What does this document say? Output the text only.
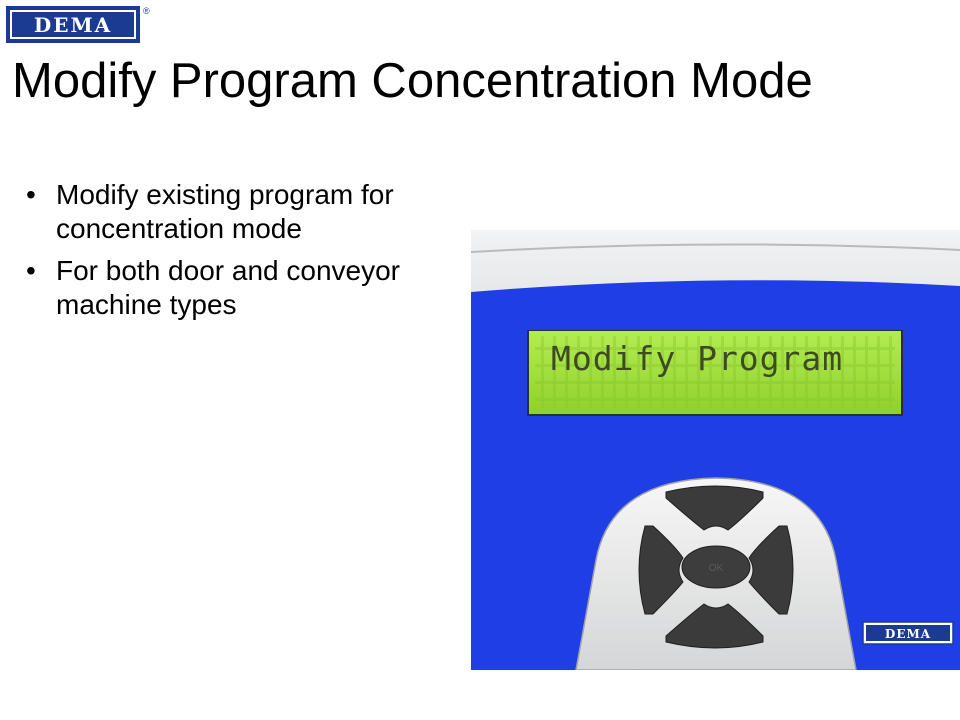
DEMA
®
Modify Program Concentration Mode
• Modify existing program for concentration mode
• For both door and conveyor machine types
Modify Program
OK
DEMA
